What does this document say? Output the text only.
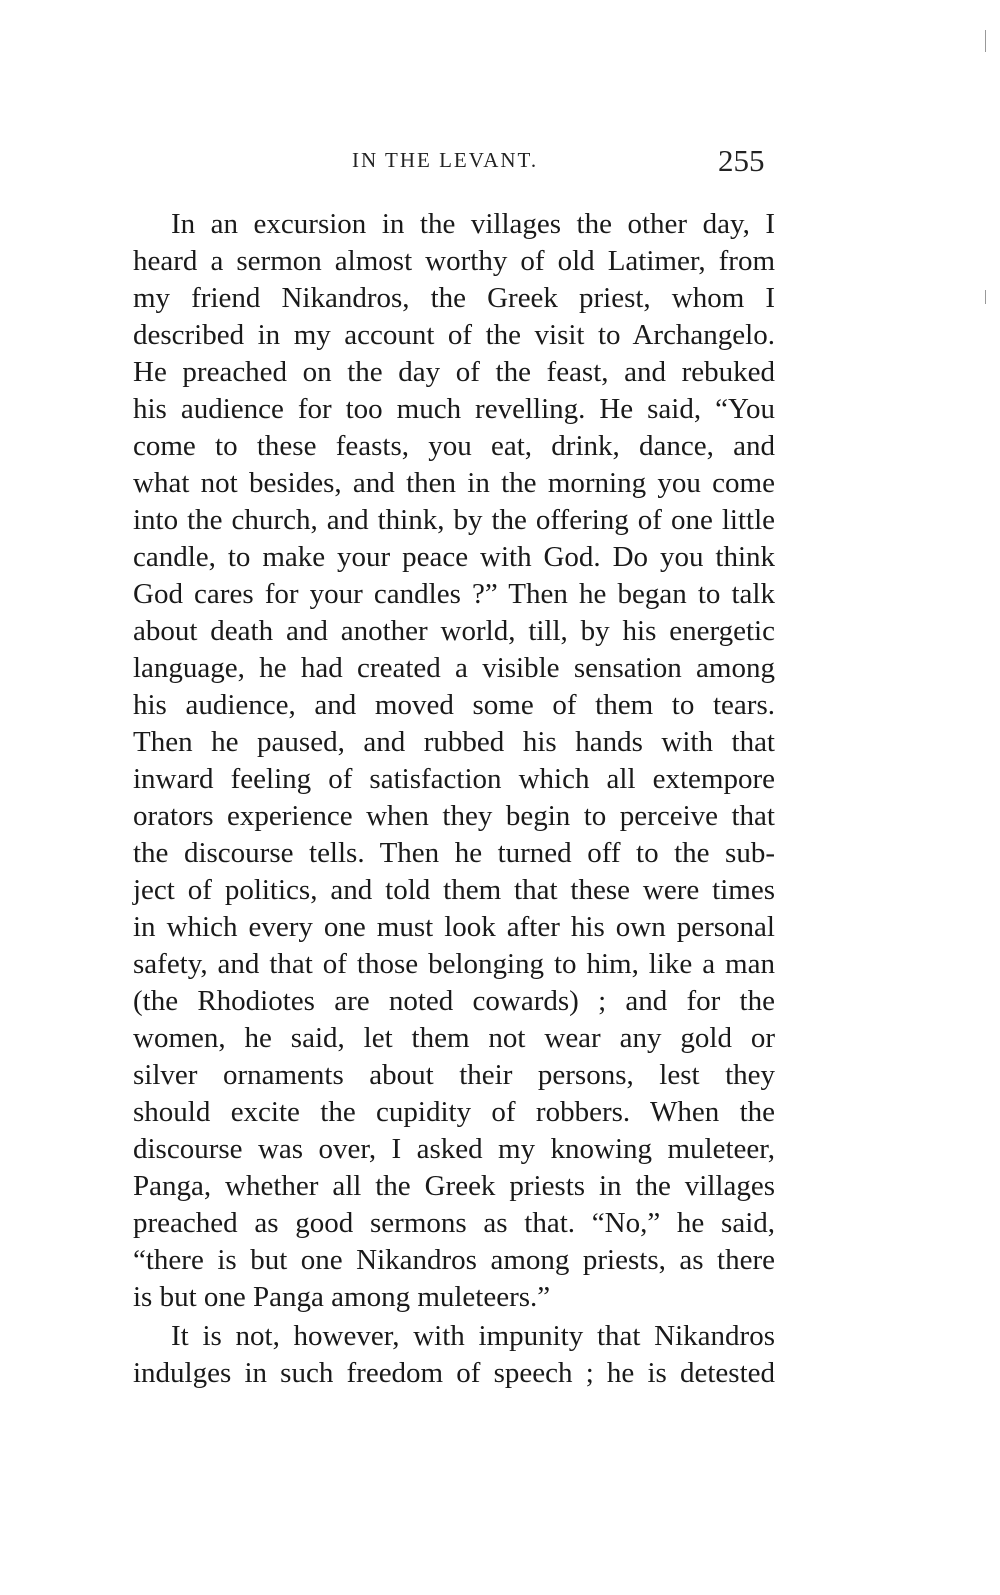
IN THE LEVANT.	255
In an excursion in the villages the other day, I
heard a sermon almost worthy of old Latimer, from
my friend Nikandros, the Greek priest, whom I
described in my account of the visit to Archangelo.
He preached on the day of the feast, and rebuked
his audience for too much revelling. He said, “You
come to these feasts, you eat, drink, dance, and
what not besides, and then in the morning you come
into the church, and think, by the offering of one little
candle, to make your peace with God. Do you think
God cares for your candles ?” Then he began to talk
about death and another world, till, by his energetic
language, he had created a visible sensation among
his audience, and moved some of them to tears.
Then he paused, and rubbed his hands with that
inward feeling of satisfaction which all extempore
orators experience when they begin to perceive that
the discourse tells. Then he turned off to the sub-
ject of politics, and told them that these were times
in which every one must look after his own personal
safety, and that of those belonging to him, like a man
(the Rhodiotes are noted cowards) ; and for the
women, he said, let them not wear any gold or
silver ornaments about their persons, lest they
should excite the cupidity of robbers. When the
discourse was over, I asked my knowing muleteer,
Panga, whether all the Greek priests in the villages
preached as good sermons as that. “No,” he said,
“there is but one Nikandros among priests, as there
is but one Panga among muleteers.”
It is not, however, with impunity that Nikandros
indulges in such freedom of speech ; he is detested
